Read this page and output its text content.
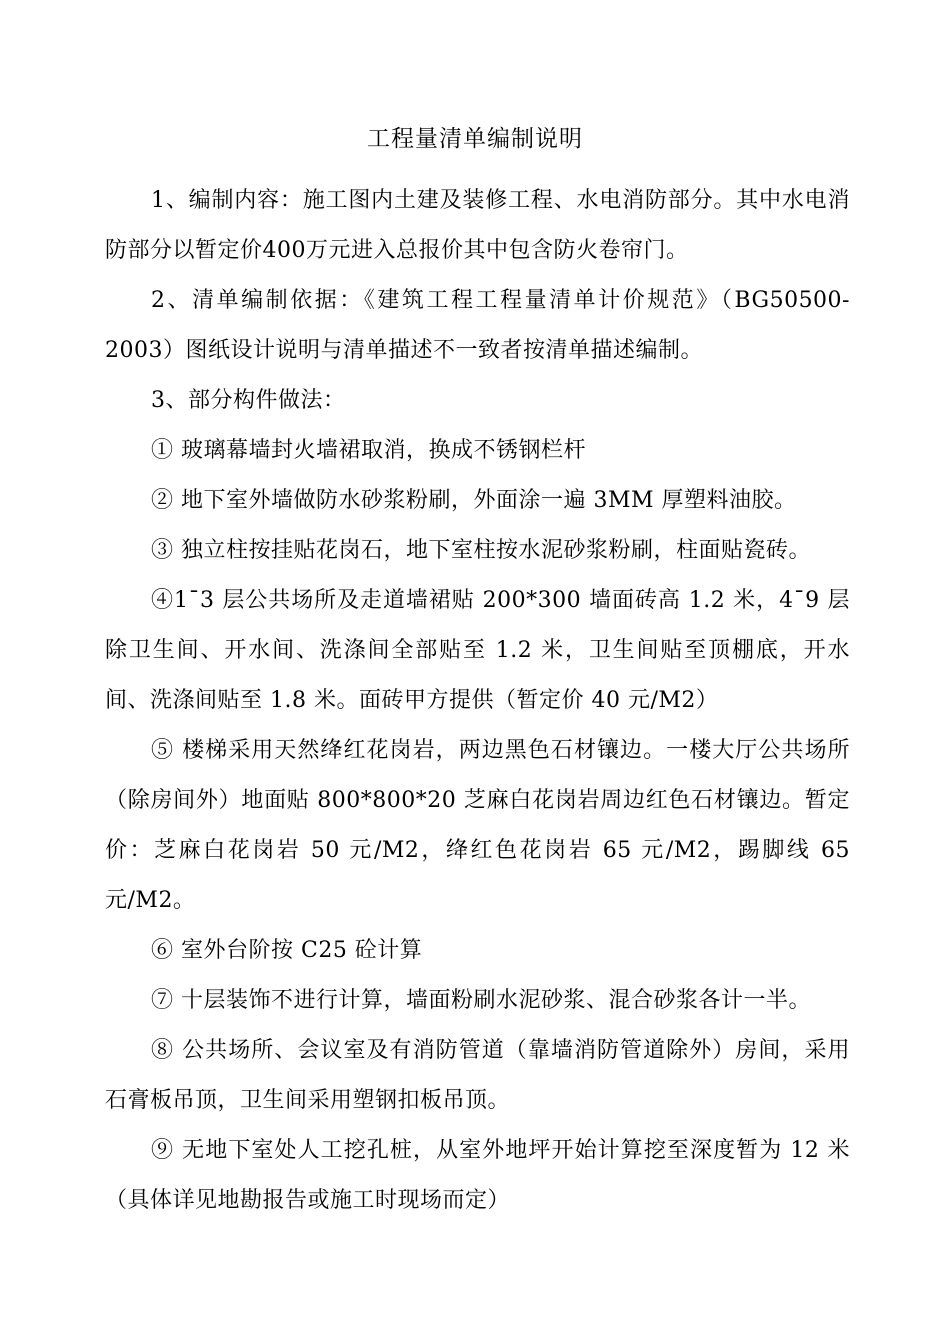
工程量清单编制说明

1、编制内容：施工图内土建及装修工程、水电消防部分。其中水电消防部分以暂定价400万元进入总报价其中包含防火卷帘门。

2、清单编制依据：《建筑工程工程量清单计价规范》（BG50500-2003）图纸设计说明与清单描述不一致者按清单描述编制。

3、部分构件做法：

① 玻璃幕墙封火墙裙取消，换成不锈钢栏杆

② 地下室外墙做防水砂浆粉刷，外面涂一遍 3MM 厚塑料油胶。

③ 独立柱按挂贴花岗石，地下室柱按水泥砂浆粉刷，柱面贴瓷砖。

④1¯3 层公共场所及走道墙裙贴 200*300 墙面砖高 1.2 米，4¯9 层除卫生间、开水间、洗涤间全部贴至 1.2 米，卫生间贴至顶棚底，开水间、洗涤间贴至 1.8 米。面砖甲方提供（暂定价 40 元/M2）

⑤ 楼梯采用天然绛红花岗岩，两边黑色石材镶边。一楼大厅公共场所（除房间外）地面贴 800*800*20 芝麻白花岗岩周边红色石材镶边。暂定价：芝麻白花岗岩 50 元/M2，绛红色花岗岩 65 元/M2，踢脚线 65 元/M2。

⑥ 室外台阶按 C25 砼计算

⑦ 十层装饰不进行计算，墙面粉刷水泥砂浆、混合砂浆各计一半。

⑧ 公共场所、会议室及有消防管道（靠墙消防管道除外）房间，采用石膏板吊顶，卫生间采用塑钢扣板吊顶。

⑨ 无地下室处人工挖孔桩，从室外地坪开始计算挖至深度暂为 12 米（具体详见地勘报告或施工时现场而定）
